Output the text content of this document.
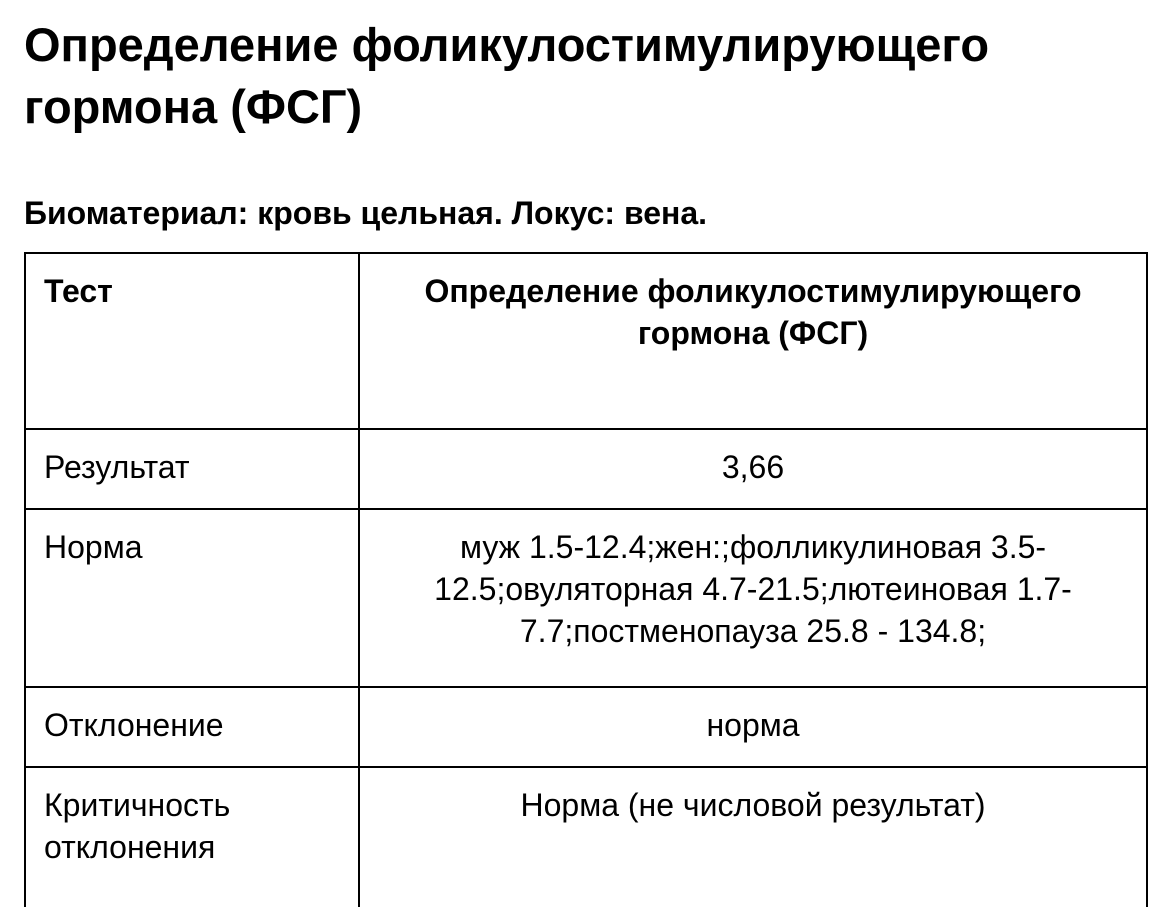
Определение фоликулостимулирующего гормона (ФСГ)

Биоматериал: кровь цельная. Локус: вена.

Тест	Определение фоликулостимулирующего гормона (ФСГ)
Результат	3,66
Норма	муж 1.5-12.4;жен:;фолликулиновая 3.5-12.5;овуляторная 4.7-21.5;лютеиновая 1.7-7.7;постменопауза 25.8 - 134.8;
Отклонение	норма
Критичность отклонения	Норма (не числовой результат)
